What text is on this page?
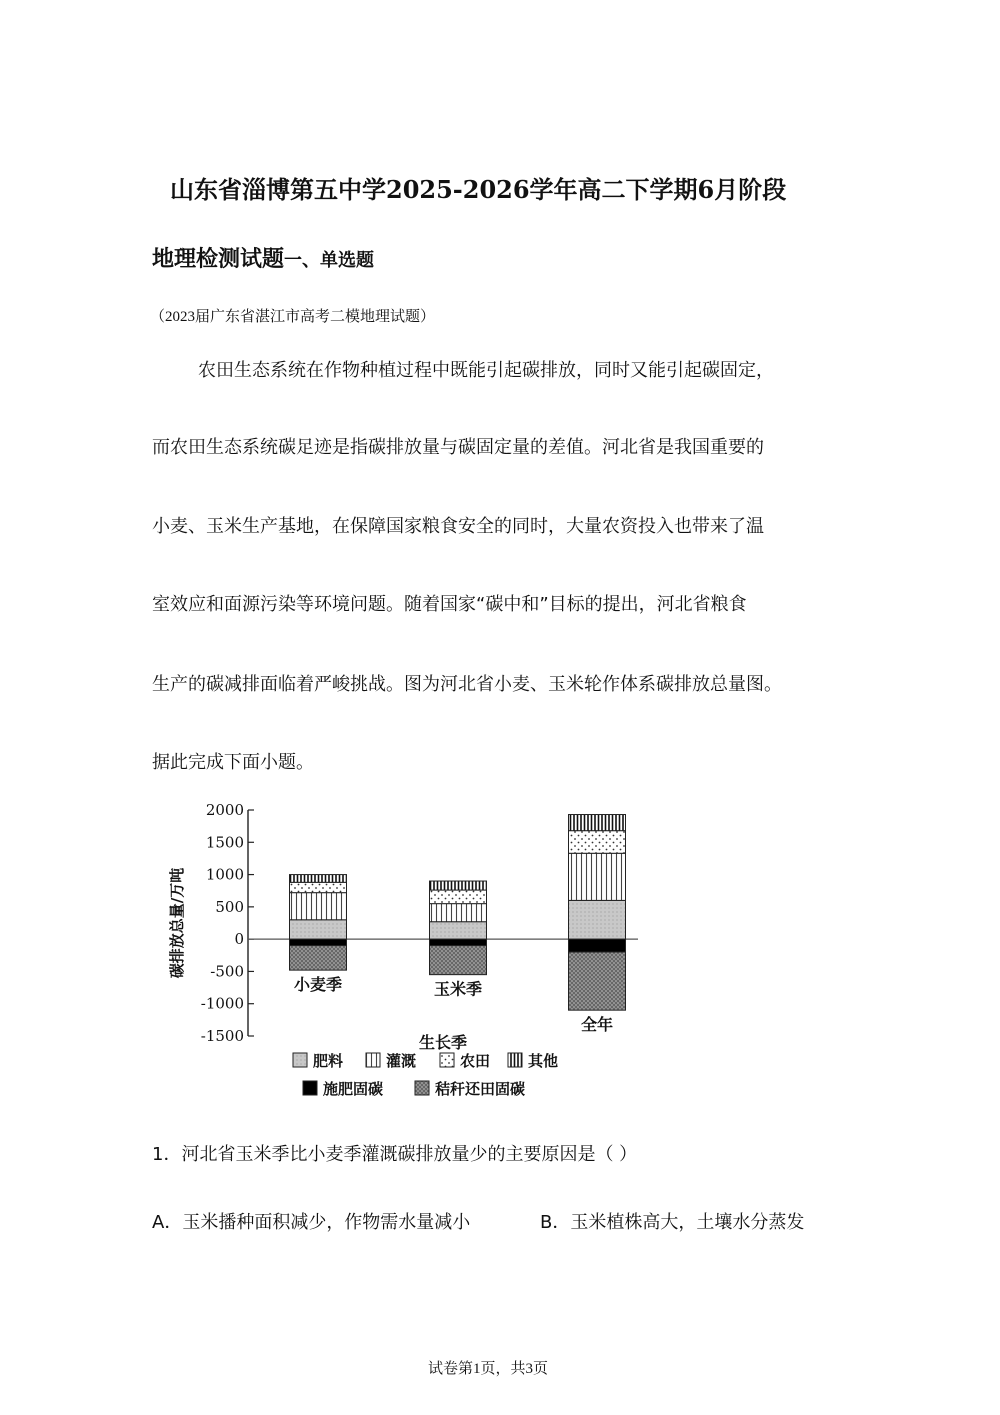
山东省淄博第五中学2025-2026学年高二下学期6月阶段
地理检测试题一、单选题
（2023届广东省湛江市高考二模地理试题）
农田生态系统在作物种植过程中既能引起碳排放，同时又能引起碳固定，
而农田生态系统碳足迹是指碳排放量与碳固定量的差值。河北省是我国重要的
小麦、玉米生产基地，在保障国家粮食安全的同时，大量农资投入也带来了温
室效应和面源污染等环境问题。随着国家“碳中和”目标的提出，河北省粮食
生产的碳减排面临着严峻挑战。图为河北省小麦、玉米轮作体系碳排放总量图。
据此完成下面小题。
2000
1500
1000
500
0
-500
-1000
-1500
碳排放总量/万吨
小麦季	玉米季
全年
生长季
肥料	灌溉	农田	其他
施肥固碳	秸秆还田固碳
1．河北省玉米季比小麦季灌溉碳排放量少的主要原因是（ ）
A．玉米播种面积减少，作物需水量减小	B．玉米植株高大，土壤水分蒸发
试卷第1页，共3页
